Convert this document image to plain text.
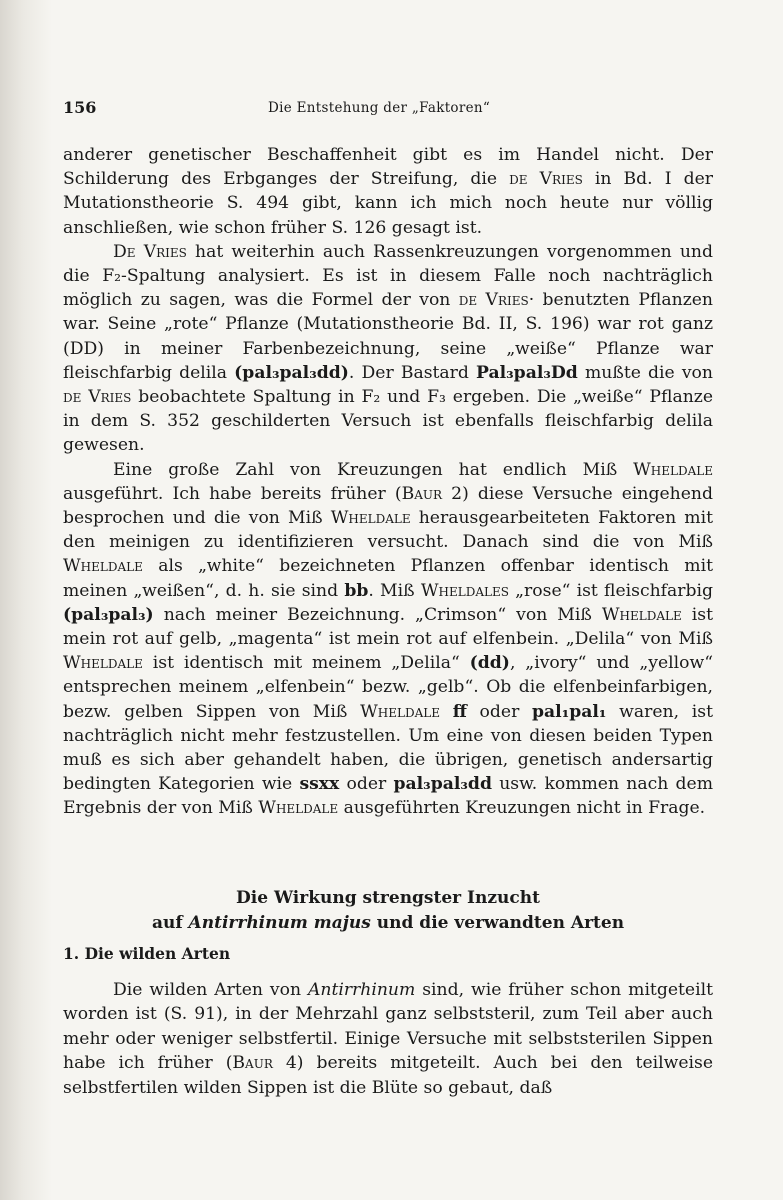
156	Die Entstehung der „Faktoren“

anderer genetischer Beschaffenheit gibt es im Handel nicht. Der Schilderung des Erbganges der Streifung, die de Vries in Bd. I der Mutationstheorie S. 494 gibt, kann ich mich noch heute nur völlig anschließen, wie schon früher S. 126 gesagt ist.

De Vries hat weiterhin auch Rassenkreuzungen vorgenommen und die F₂-Spaltung analysiert. Es ist in diesem Falle noch nachträglich möglich zu sagen, was die Formel der von de Vries· benutzten Pflanzen war. Seine „rote“ Pflanze (Mutationstheorie Bd. II, S. 196) war rot ganz (DD) in meiner Farbenbezeichnung, seine „weiße“ Pflanze war fleischfarbig delila (pal₃pal₃dd). Der Bastard Pal₃pal₃Dd mußte die von de Vries beobachtete Spaltung in F₂ und F₃ ergeben. Die „weiße“ Pflanze in dem S. 352 geschilderten Versuch ist ebenfalls fleischfarbig delila gewesen.

Eine große Zahl von Kreuzungen hat endlich Miß Wheldale ausgeführt. Ich habe bereits früher (Baur 2) diese Versuche eingehend besprochen und die von Miß Wheldale herausgearbeiteten Faktoren mit den meinigen zu identifizieren versucht. Danach sind die von Miß Wheldale als „white“ bezeichneten Pflanzen offenbar identisch mit meinen „weißen“, d. h. sie sind bb. Miß Wheldales „rose“ ist fleischfarbig (pal₃pal₃) nach meiner Bezeichnung. „Crimson“ von Miß Wheldale ist mein rot auf gelb, „magenta“ ist mein rot auf elfenbein. „Delila“ von Miß Wheldale ist identisch mit meinem „Delila“ (dd), „ivory“ und „yellow“ entsprechen meinem „elfenbein“ bezw. „gelb“. Ob die elfenbeinfarbigen, bezw. gelben Sippen von Miß Wheldale ff oder pal₁pal₁ waren, ist nachträglich nicht mehr festzustellen. Um eine von diesen beiden Typen muß es sich aber gehandelt haben, die übrigen, genetisch andersartig bedingten Kategorien wie ssxx oder pal₃pal₃dd usw. kommen nach dem Ergebnis der von Miß Wheldale ausgeführten Kreuzungen nicht in Frage.

Die Wirkung strengster Inzucht
auf Antirrhinum majus und die verwandten Arten
1. Die wilden Arten

Die wilden Arten von Antirrhinum sind, wie früher schon mitgeteilt worden ist (S. 91), in der Mehrzahl ganz selbststeril, zum Teil aber auch mehr oder weniger selbstfertil. Einige Versuche mit selbststerilen Sippen habe ich früher (Baur 4) bereits mitgeteilt. Auch bei den teilweise selbstfertilen wilden Sippen ist die Blüte so gebaut, daß
